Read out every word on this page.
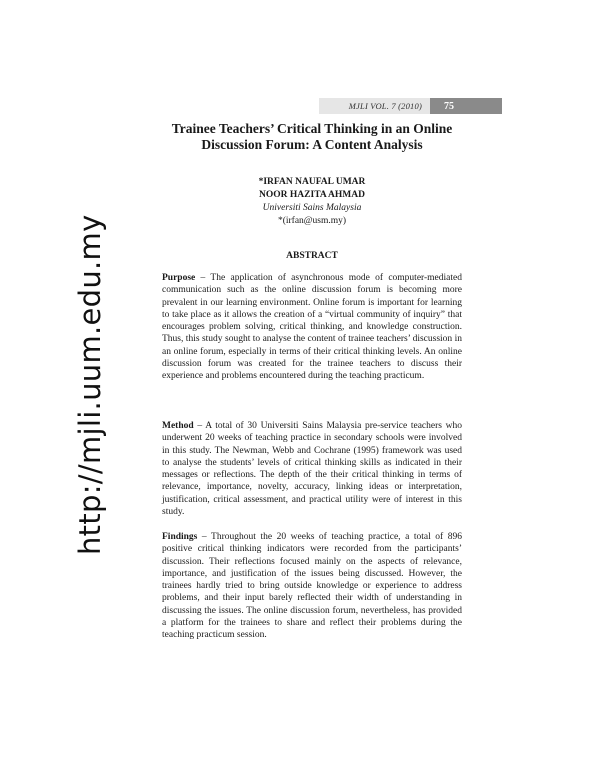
MJLI VOL. 7 (2010)	75
http://mjli.uum.edu.my
Trainee Teachers’ Critical Thinking in an Online
Discussion Forum: A Content Analysis
*IRFAN NAUFAL UMAR
NOOR HAZITA AHMAD
Universiti Sains Malaysia
*(irfan@usm.my)
ABSTRACT

Purpose – The application of asynchronous mode of computer-mediated communication such as the online discussion forum is becoming more prevalent in our learning environment. Online forum is important for learning to take place as it allows the creation of a “virtual community of inquiry” that encourages problem solving, critical thinking, and knowledge construction. Thus, this study sought to analyse the content of trainee teachers’ discussion in an online forum, especially in terms of their critical thinking levels. An online discussion forum was created for the trainee teachers to discuss their experience and problems encountered during the teaching practicum.

Method – A total of 30 Universiti Sains Malaysia pre-service teachers who underwent 20 weeks of teaching practice in secondary schools were involved in this study. The Newman, Webb and Cochrane (1995) framework was used to analyse the students’ levels of critical thinking skills as indicated in their messages or reflections. The depth of the their critical thinking in terms of relevance, importance, novelty, accuracy, linking ideas or interpretation, justification, critical assessment, and practical utility were of interest in this study.

Findings – Throughout the 20 weeks of teaching practice, a total of 896 positive critical thinking indicators were recorded from the participants’ discussion. Their reflections focused mainly on the aspects of relevance, importance, and justification of the issues being discussed. However, the trainees hardly tried to bring outside knowledge or experience to address problems, and their input barely reflected their width of understanding in discussing the issues. The online discussion forum, nevertheless, has provided a platform for the trainees to share and reflect their problems during the teaching practicum session.
